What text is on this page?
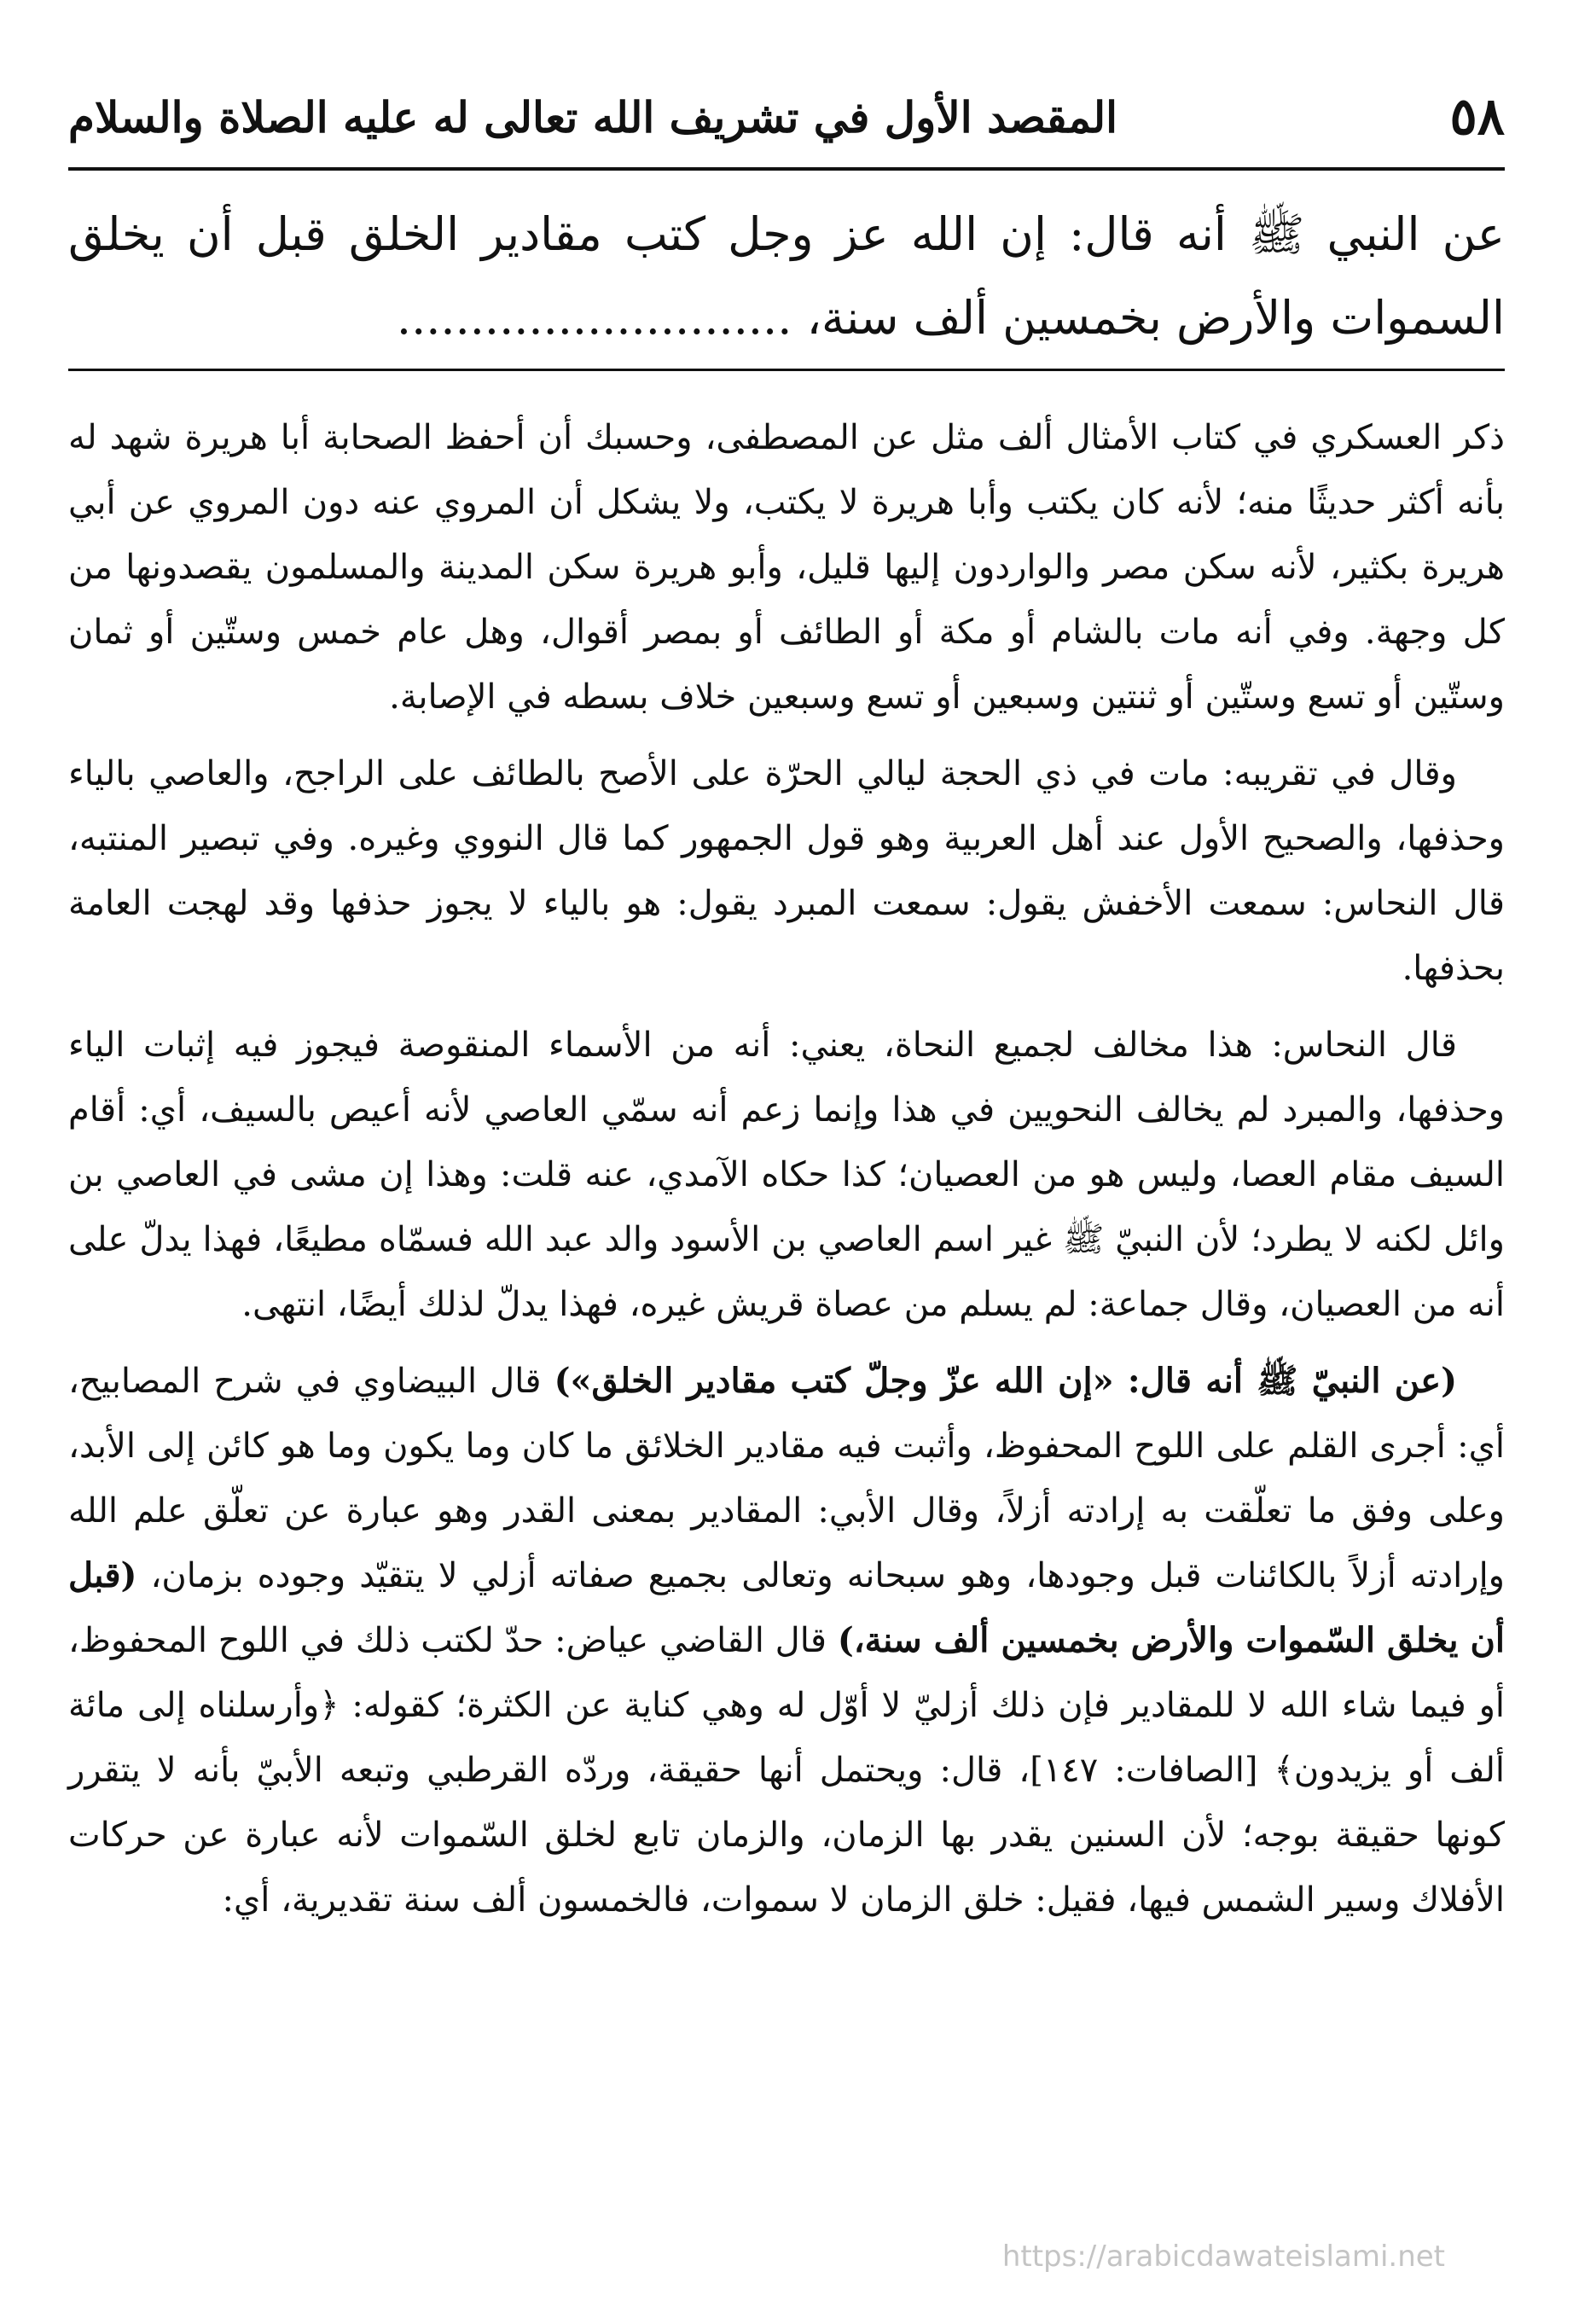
٥٨
المقصد الأول في تشريف الله تعالى له عليه الصلاة والسلام
عن النبي ﷺ أنه قال: إن الله عز وجل كتب مقادير الخلق قبل أن يخلق السموات والأرض بخمسين ألف سنة، ...........................

ذكر العسكري في كتاب الأمثال ألف مثل عن المصطفى، وحسبك أن أحفظ الصحابة أبا هريرة شهد له بأنه أكثر حديثًا منه؛ لأنه كان يكتب وأبا هريرة لا يكتب، ولا يشكل أن المروي عنه دون المروي عن أبي هريرة بكثير، لأنه سكن مصر والواردون إليها قليل، وأبو هريرة سكن المدينة والمسلمون يقصدونها من كل وجهة. وفي أنه مات بالشام أو مكة أو الطائف أو بمصر أقوال، وهل عام خمس وستّين أو ثمان وستّين أو تسع وستّين أو ثنتين وسبعين أو تسع وسبعين خلاف بسطه في الإصابة.

وقال في تقريبه: مات في ذي الحجة ليالي الحرّة على الأصح بالطائف على الراجح، والعاصي بالياء وحذفها، والصحيح الأول عند أهل العربية وهو قول الجمهور كما قال النووي وغيره. وفي تبصير المنتبه، قال النحاس: سمعت الأخفش يقول: سمعت المبرد يقول: هو بالياء لا يجوز حذفها وقد لهجت العامة بحذفها.

قال النحاس: هذا مخالف لجميع النحاة، يعني: أنه من الأسماء المنقوصة فيجوز فيه إثبات الياء وحذفها، والمبرد لم يخالف النحويين في هذا وإنما زعم أنه سمّي العاصي لأنه أعيص بالسيف، أي: أقام السيف مقام العصا، وليس هو من العصيان؛ كذا حكاه الآمدي، عنه قلت: وهذا إن مشى في العاصي بن وائل لكنه لا يطرد؛ لأن النبيّ ﷺ غير اسم العاصي بن الأسود والد عبد الله فسمّاه مطيعًا، فهذا يدلّ على أنه من العصيان، وقال جماعة: لم يسلم من عصاة قريش غيره، فهذا يدلّ لذلك أيضًا، انتهى.

(عن النبيّ ﷺ أنه قال: «إن الله عزّ وجلّ كتب مقادير الخلق») قال البيضاوي في شرح المصابيح، أي: أجرى القلم على اللوح المحفوظ، وأثبت فيه مقادير الخلائق ما كان وما يكون وما هو كائن إلى الأبد، وعلى وفق ما تعلّقت به إرادته أزلاً، وقال الأبي: المقادير بمعنى القدر وهو عبارة عن تعلّق علم الله وإرادته أزلاً بالكائنات قبل وجودها، وهو سبحانه وتعالى بجميع صفاته أزلي لا يتقيّد وجوده بزمان، (قبل أن يخلق السّموات والأرض بخمسين ألف سنة،) قال القاضي عياض: حدّ لكتب ذلك في اللوح المحفوظ، أو فيما شاء الله لا للمقادير فإن ذلك أزليّ لا أوّل له وهي كناية عن الكثرة؛ كقوله: ﴿وأرسلناه إلى مائة ألف أو يزيدون﴾ [الصافات: ١٤٧]، قال: ويحتمل أنها حقيقة، وردّه القرطبي وتبعه الأبيّ بأنه لا يتقرر كونها حقيقة بوجه؛ لأن السنين يقدر بها الزمان، والزمان تابع لخلق السّموات لأنه عبارة عن حركات الأفلاك وسير الشمس فيها، فقيل: خلق الزمان لا سموات، فالخمسون ألف سنة تقديرية، أي:

https://arabicdawateislami.net
